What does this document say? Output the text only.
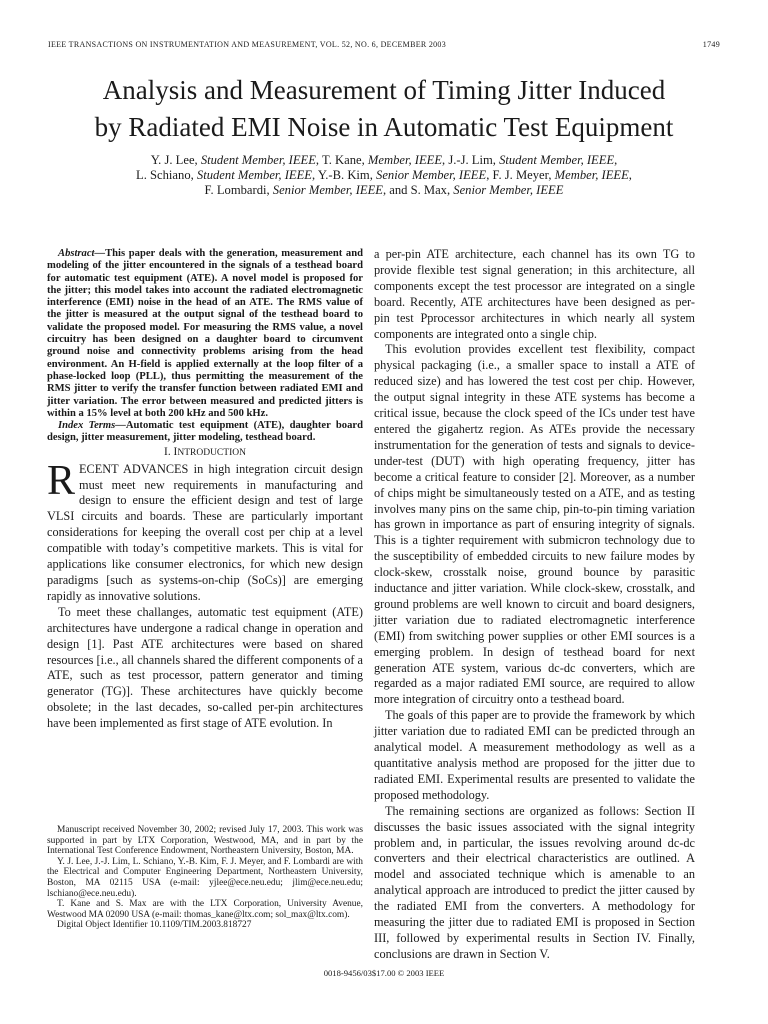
IEEE TRANSACTIONS ON INSTRUMENTATION AND MEASUREMENT, VOL. 52, NO. 6, DECEMBER 2003	1749
Analysis and Measurement of Timing Jitter Induced
by Radiated EMI Noise in Automatic Test Equipment
Y. J. Lee, Student Member, IEEE, T. Kane, Member, IEEE, J.-J. Lim, Student Member, IEEE,
L. Schiano, Student Member, IEEE, Y.-B. Kim, Senior Member, IEEE, F. J. Meyer, Member, IEEE,
F. Lombardi, Senior Member, IEEE, and S. Max, Senior Member, IEEE

Abstract—This paper deals with the generation, measurement and modeling of the jitter encountered in the signals of a testhead board for automatic test equipment (ATE). A novel model is proposed for the jitter; this model takes into account the radiated electromagnetic interference (EMI) noise in the head of an ATE. The RMS value of the jitter is measured at the output signal of the testhead board to validate the proposed model. For measuring the RMS value, a novel circuitry has been designed on a daughter board to circumvent ground noise and connectivity problems arising from the head environment. An H-field is applied externally at the loop filter of a phase-locked loop (PLL), thus permitting the measurement of the RMS jitter to verify the transfer function between radiated EMI and jitter variation. The error between measured and predicted jitters is within a 15% level at both 200 kHz and 500 kHz.

Index Terms—Automatic test equipment (ATE), daughter board design, jitter measurement, jitter modeling, testhead board.

I. INTRODUCTION

RECENT ADVANCES in high integration circuit design must meet new requirements in manufacturing and design to ensure the efficient design and test of large VLSI circuits and boards. These are particularly important considerations for keeping the overall cost per chip at a level compatible with today’s competitive markets. This is vital for applications like consumer electronics, for which new design paradigms [such as systems-on-chip (SoCs)] are emerging rapidly as innovative solutions.

To meet these challanges, automatic test equipment (ATE) architectures have undergone a radical change in operation and design [1]. Past ATE architectures were based on shared resources [i.e., all channels shared the different components of a ATE, such as test processor, pattern generator and timing generator (TG)]. These architectures have quickly become obsolete; in the last decades, so-called per-pin architectures have been implemented as first stage of ATE evolution. In

Manuscript received November 30, 2002; revised July 17, 2003. This work was supported in part by LTX Corporation, Westwood, MA, and in part by the International Test Conference Endowment, Northeastern University, Boston, MA.

Y. J. Lee, J.-J. Lim, L. Schiano, Y.-B. Kim, F. J. Meyer, and F. Lombardi are with the Electrical and Computer Engineering Department, Northeastern University, Boston, MA 02115 USA (e-mail: yjlee@ece.neu.edu; jlim@ece.neu.edu; lschiano@ece.neu.edu).

T. Kane and S. Max are with the LTX Corporation, University Avenue, Westwood MA 02090 USA (e-mail: thomas_kane@ltx.com; sol_max@ltx.com).

Digital Object Identifier 10.1109/TIM.2003.818727

a per-pin ATE architecture, each channel has its own TG to provide flexible test signal generation; in this architecture, all components except the test processor are integrated on a single board. Recently, ATE architectures have been designed as per-pin test Pprocessor architectures in which nearly all system components are integrated onto a single chip.

This evolution provides excellent test flexibility, compact physical packaging (i.e., a smaller space to install a ATE of reduced size) and has lowered the test cost per chip. However, the output signal integrity in these ATE systems has become a critical issue, because the clock speed of the ICs under test have entered the gigahertz region. As ATEs provide the necessary instrumentation for the generation of tests and signals to device-under-test (DUT) with high operating frequency, jitter has become a critical feature to consider [2]. Moreover, as a number of chips might be simultaneously tested on a ATE, and as testing involves many pins on the same chip, pin-to-pin timing variation has grown in importance as part of ensuring integrity of signals. This is a tighter requirement with submicron technology due to the susceptibility of embedded circuits to new failure modes by clock-skew, crosstalk noise, ground bounce by parasitic inductance and jitter variation. While clock-skew, crosstalk, and ground problems are well known to circuit and board designers, jitter variation due to radiated electromagnetic interference (EMI) from switching power supplies or other EMI sources is a emerging problem. In design of testhead board for next generation ATE system, various dc-dc converters, which are regarded as a major radiated EMI source, are required to allow more integration of circuitry onto a testhead board.

The goals of this paper are to provide the framework by which jitter variation due to radiated EMI can be predicted through an analytical model. A measurement methodology as well as a quantitative analysis method are proposed for the jitter due to radiated EMI. Experimental results are presented to validate the proposed methodology.

The remaining sections are organized as follows: Section II discusses the basic issues associated with the signal integrity problem and, in particular, the issues revolving around dc-dc converters and their electrical characteristics are outlined. A model and associated technique which is amenable to an analytical approach are introduced to predict the jitter caused by the radiated EMI from the converters. A methodology for measuring the jitter due to radiated EMI is proposed in Section III, followed by experimental results in Section IV. Finally, conclusions are drawn in Section V.

0018-9456/03$17.00 © 2003 IEEE
